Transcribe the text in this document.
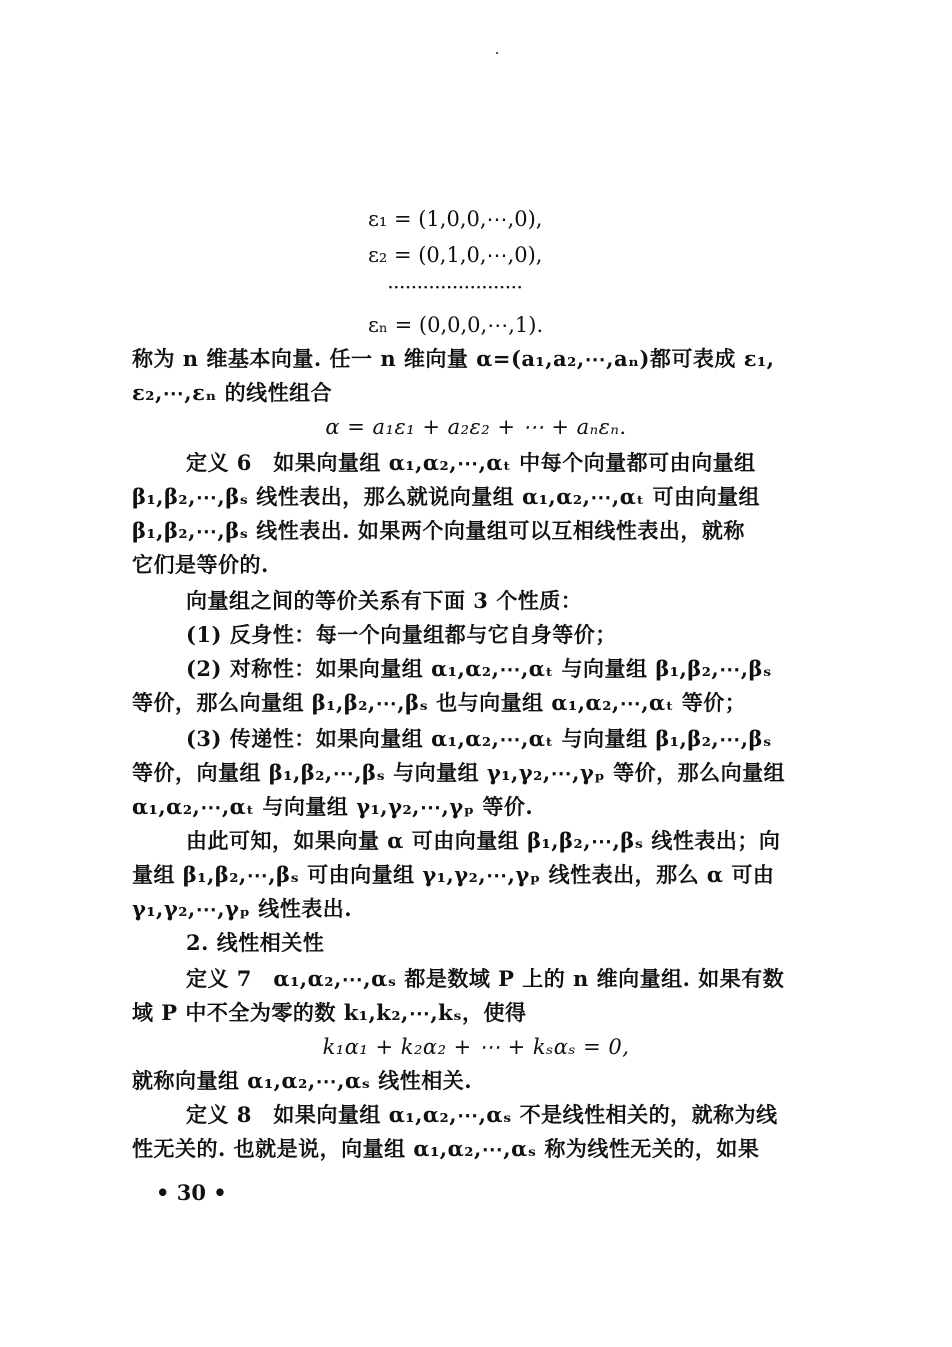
ε₁ = (1,0,0,⋯,0),
ε₂ = (0,1,0,⋯,0),
·······················
εₙ = (0,0,0,⋯,1).
称为 n 维基本向量. 任一 n 维向量 α=(a₁,a₂,⋯,aₙ)都可表成 ε₁,
ε₂,⋯,εₙ 的线性组合
α = a₁ε₁ + a₂ε₂ + ⋯ + aₙεₙ.
定义 6　如果向量组 α₁,α₂,⋯,αₜ 中每个向量都可由向量组
β₁,β₂,⋯,βₛ 线性表出，那么就说向量组 α₁,α₂,⋯,αₜ 可由向量组
β₁,β₂,⋯,βₛ 线性表出. 如果两个向量组可以互相线性表出，就称
它们是等价的.
向量组之间的等价关系有下面 3 个性质：
(1) 反身性：每一个向量组都与它自身等价；
(2) 对称性：如果向量组 α₁,α₂,⋯,αₜ 与向量组 β₁,β₂,⋯,βₛ
等价，那么向量组 β₁,β₂,⋯,βₛ 也与向量组 α₁,α₂,⋯,αₜ 等价；
(3) 传递性：如果向量组 α₁,α₂,⋯,αₜ 与向量组 β₁,β₂,⋯,βₛ
等价，向量组 β₁,β₂,⋯,βₛ 与向量组 γ₁,γ₂,⋯,γₚ 等价，那么向量组
α₁,α₂,⋯,αₜ 与向量组 γ₁,γ₂,⋯,γₚ 等价.
由此可知，如果向量 α 可由向量组 β₁,β₂,⋯,βₛ 线性表出；向
量组 β₁,β₂,⋯,βₛ 可由向量组 γ₁,γ₂,⋯,γₚ 线性表出，那么 α 可由
γ₁,γ₂,⋯,γₚ 线性表出.
2. 线性相关性
定义 7　α₁,α₂,⋯,αₛ 都是数域 P 上的 n 维向量组. 如果有数
域 P 中不全为零的数 k₁,k₂,⋯,kₛ，使得
k₁α₁ + k₂α₂ + ⋯ + kₛαₛ = 0,
就称向量组 α₁,α₂,⋯,αₛ 线性相关.
定义 8　如果向量组 α₁,α₂,⋯,αₛ 不是线性相关的，就称为线
性无关的. 也就是说，向量组 α₁,α₂,⋯,αₛ 称为线性无关的，如果
• 30 •
